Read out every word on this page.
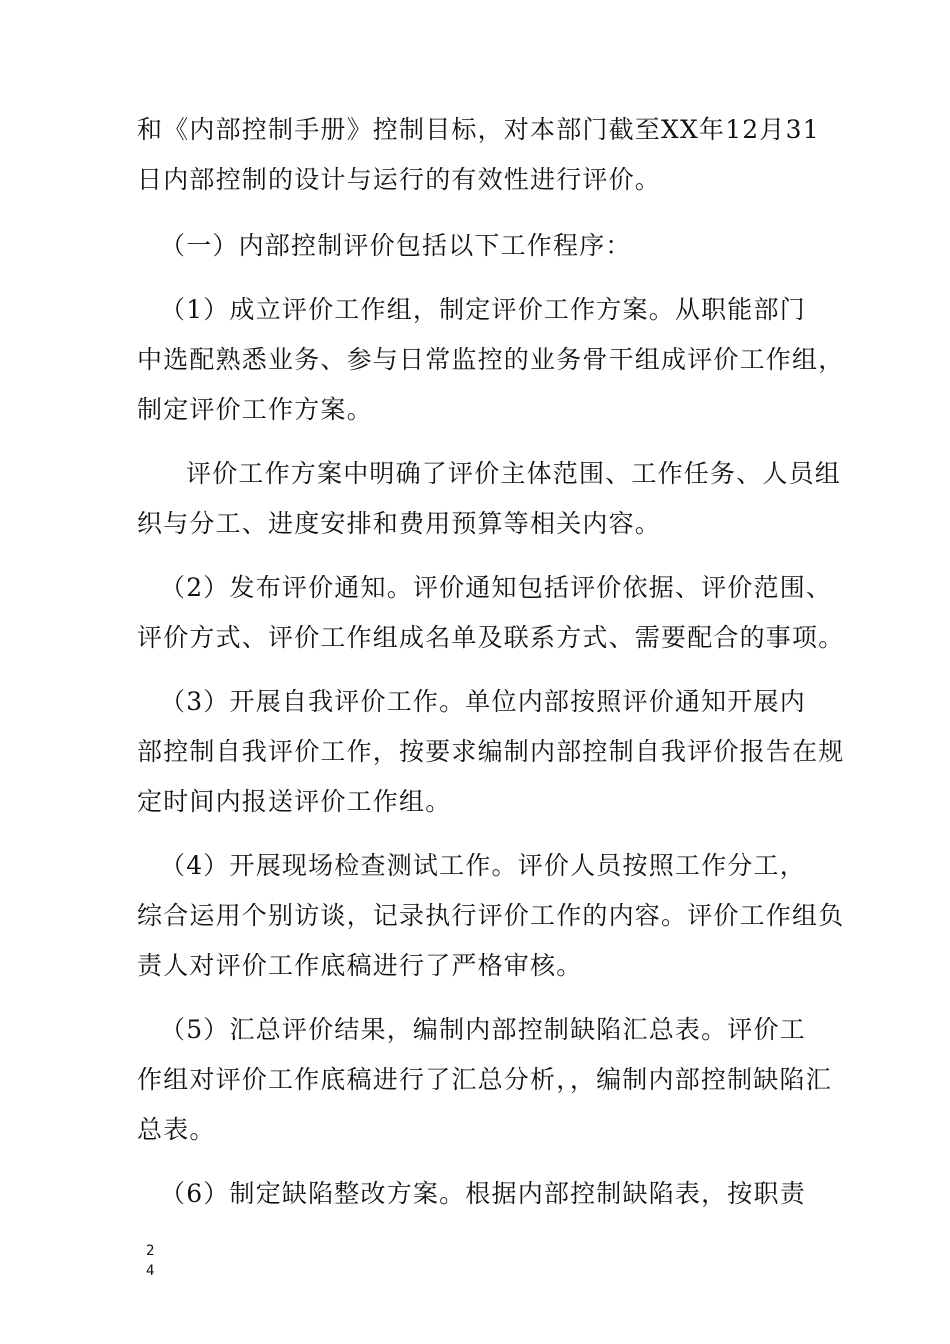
和《内部控制手册》控制目标，对本部门截至XX年12月31
日内部控制的设计与运行的有效性进行评价。
（一）内部控制评价包括以下工作程序：
（1）成立评价工作组，制定评价工作方案。从职能部门
中选配熟悉业务、参与日常监控的业务骨干组成评价工作组，
制定评价工作方案。
评价工作方案中明确了评价主体范围、工作任务、人员组
织与分工、进度安排和费用预算等相关内容。
（2）发布评价通知。评价通知包括评价依据、评价范围、
评价方式、评价工作组成名单及联系方式、需要配合的事项。
（3）开展自我评价工作。单位内部按照评价通知开展内
部控制自我评价工作，按要求编制内部控制自我评价报告在规
定时间内报送评价工作组。
（4）开展现场检查测试工作。评价人员按照工作分工，
综合运用个别访谈，记录执行评价工作的内容。评价工作组负
责人对评价工作底稿进行了严格审核。
（5）汇总评价结果，编制内部控制缺陷汇总表。评价工
作组对评价工作底稿进行了汇总分析，，编制内部控制缺陷汇
总表。
（6）制定缺陷整改方案。根据内部控制缺陷表，按职责
2
4
